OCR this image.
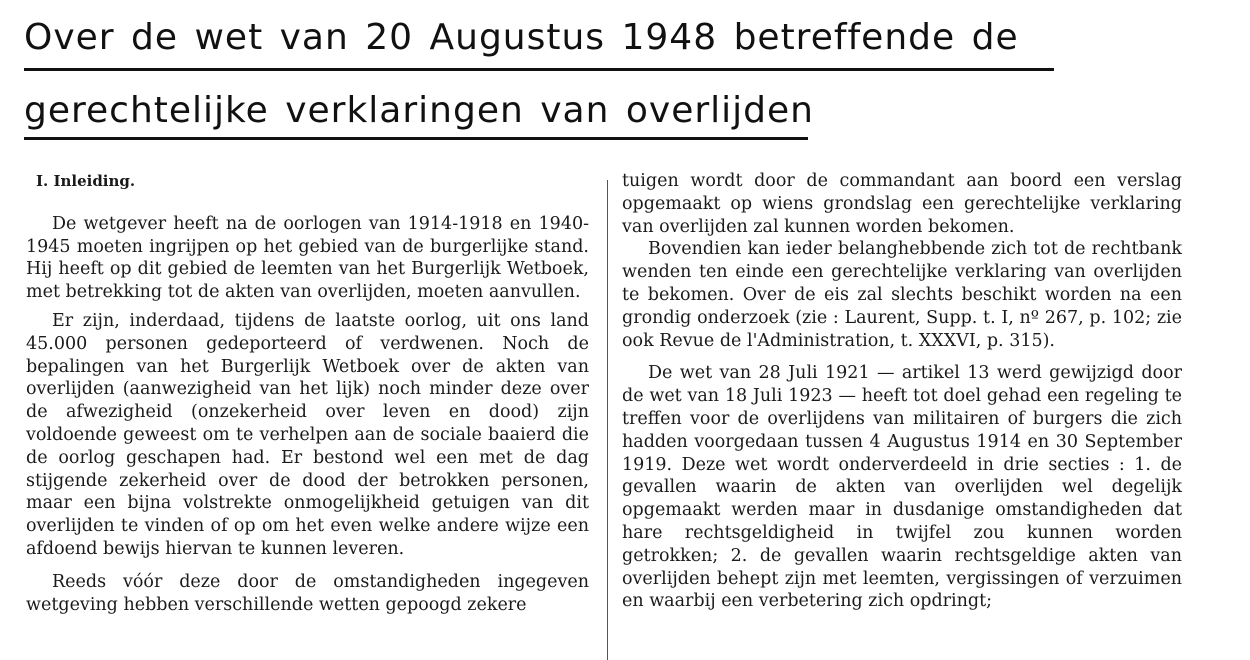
Over de wet van 20 Augustus 1948 betreffende de
gerechtelijke verklaringen van overlijden

I. Inleiding.

De wetgever heeft na de oorlogen van 1914-1918 en 1940-1945 moeten ingrijpen op het gebied van de burgerlijke stand. Hij heeft op dit gebied de leemten van het Burgerlijk Wetboek, met betrekking tot de akten van overlijden, moeten aanvullen.

Er zijn, inderdaad, tijdens de laatste oorlog, uit ons land 45.000 personen gedeporteerd of verdwenen. Noch de bepalingen van het Burgerlijk Wetboek over de akten van overlijden (aanwezigheid van het lijk) noch minder deze over de afwezigheid (onzekerheid over leven en dood) zijn voldoende geweest om te verhelpen aan de sociale baaierd die de oorlog geschapen had. Er bestond wel een met de dag stijgende zekerheid over de dood der betrokken personen, maar een bijna volstrekte onmogelijkheid getuigen van dit overlijden te vinden of op om het even welke andere wijze een afdoend bewijs hiervan te kunnen leveren.

Reeds vóór deze door de omstandigheden ingegeven wetgeving hebben verschillende wetten gepoogd zekere

tuigen wordt door de commandant aan boord een verslag opgemaakt op wiens grondslag een gerechtelijke verklaring van overlijden zal kunnen worden bekomen.

Bovendien kan ieder belanghebbende zich tot de rechtbank wenden ten einde een gerechtelijke verklaring van overlijden te bekomen. Over de eis zal slechts beschikt worden na een grondig onderzoek (zie : Laurent, Supp. t. I, nº 267, p. 102; zie ook Revue de l'Administration, t. XXXVI, p. 315).

De wet van 28 Juli 1921 — artikel 13 werd gewijzigd door de wet van 18 Juli 1923 — heeft tot doel gehad een regeling te treffen voor de overlijdens van militairen of burgers die zich hadden voorgedaan tussen 4 Augustus 1914 en 30 September 1919. Deze wet wordt onderverdeeld in drie secties : 1. de gevallen waarin de akten van overlijden wel degelijk opgemaakt werden maar in dusdanige omstandigheden dat hare rechtsgeldigheid in twijfel zou kunnen worden getrokken; 2. de gevallen waarin rechtsgeldige akten van overlijden behept zijn met leemten, vergissingen of verzuimen en waarbij een verbetering zich opdringt;
